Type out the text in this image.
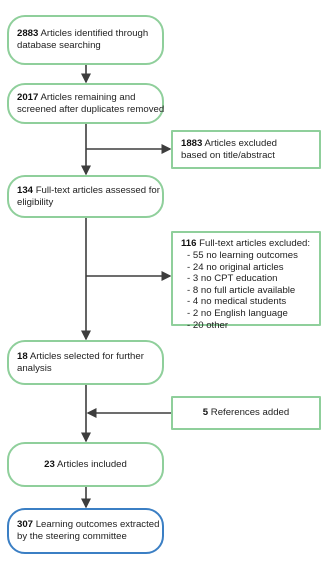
2883 Articles identified through
database searching
2017 Articles remaining and
screened after duplicates removed
1883 Articles excluded
based on title/abstract
134 Full-text articles assessed for
eligibility
116 Full-text articles excluded:
- 55 no learning outcomes
- 24 no original articles
- 3 no CPT education
- 8 no full article available
- 4 no medical students
- 2 no English language
- 20 other
18 Articles selected for further
analysis
5 References added
23 Articles included
307 Learning outcomes extracted
by the steering committee
